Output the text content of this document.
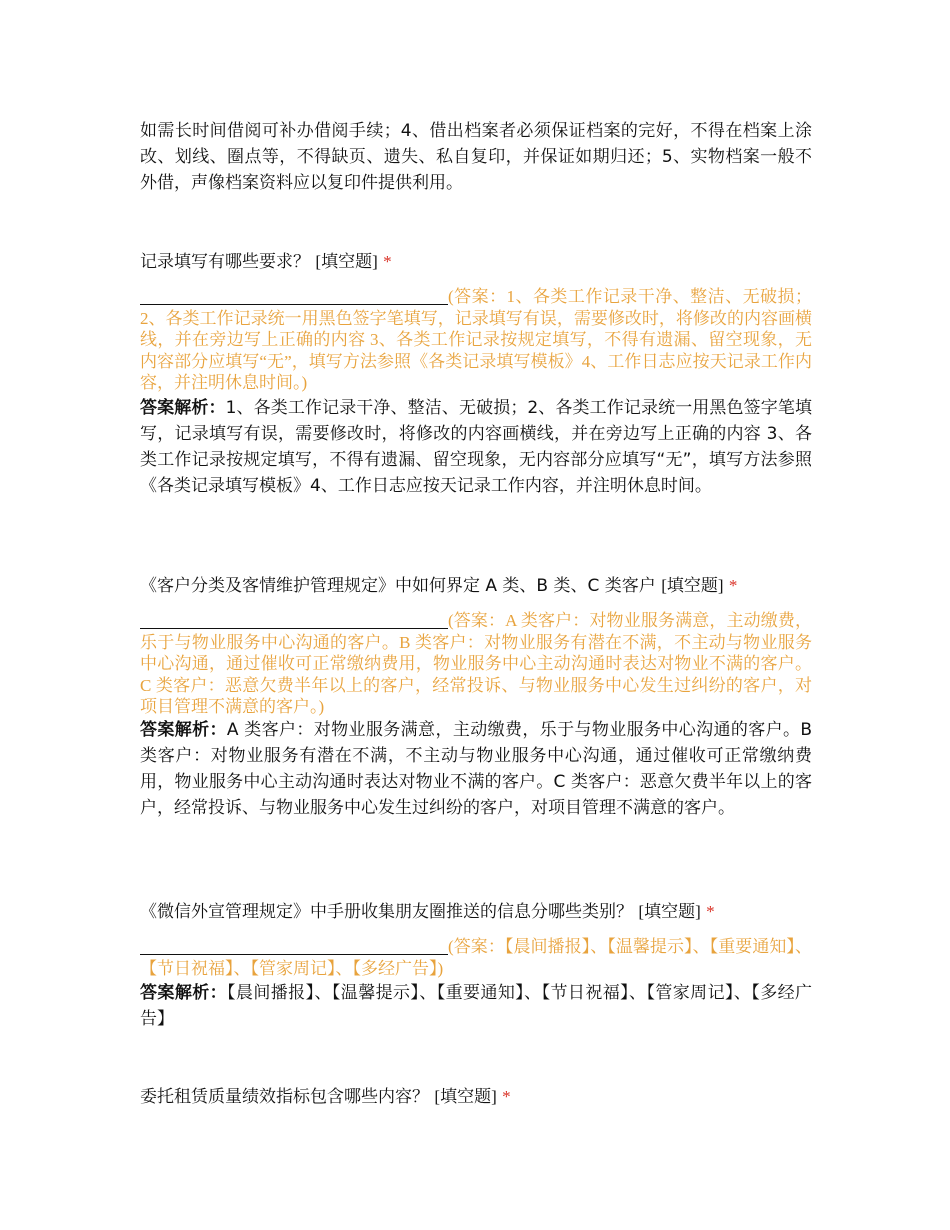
如需长时间借阅可补办借阅手续；4、借出档案者必须保证档案的完好，不得在档案上涂改、划线、圈点等，不得缺页、遗失、私自复印，并保证如期归还；5、实物档案一般不外借，声像档案资料应以复印件提供利用。

记录填写有哪些要求？ [填空题] *

(答案：1、各类工作记录干净、整洁、无破损；2、各类工作记录统一用黑色签字笔填写，记录填写有误，需要修改时，将修改的内容画横线，并在旁边写上正确的内容 3、各类工作记录按规定填写，不得有遗漏、留空现象，无内容部分应填写“无”，填写方法参照《各类记录填写模板》4、工作日志应按天记录工作内容，并注明休息时间。)

答案解析：1、各类工作记录干净、整洁、无破损；2、各类工作记录统一用黑色签字笔填写，记录填写有误，需要修改时，将修改的内容画横线，并在旁边写上正确的内容 3、各类工作记录按规定填写，不得有遗漏、留空现象，无内容部分应填写“无”，填写方法参照《各类记录填写模板》4、工作日志应按天记录工作内容，并注明休息时间。

《客户分类及客情维护管理规定》中如何界定 A 类、B 类、C 类客户 [填空题] *

(答案：A 类客户：对物业服务满意，主动缴费，乐于与物业服务中心沟通的客户。B 类客户：对物业服务有潜在不满，不主动与物业服务中心沟通，通过催收可正常缴纳费用，物业服务中心主动沟通时表达对物业不满的客户。C 类客户：恶意欠费半年以上的客户，经常投诉、与物业服务中心发生过纠纷的客户，对项目管理不满意的客户。)

答案解析：A 类客户：对物业服务满意，主动缴费，乐于与物业服务中心沟通的客户。B 类客户：对物业服务有潜在不满，不主动与物业服务中心沟通，通过催收可正常缴纳费用，物业服务中心主动沟通时表达对物业不满的客户。C 类客户：恶意欠费半年以上的客户，经常投诉、与物业服务中心发生过纠纷的客户，对项目管理不满意的客户。

《微信外宣管理规定》中手册收集朋友圈推送的信息分哪些类别？ [填空题] *

(答案：【晨间播报】、【温馨提示】、【重要通知】、【节日祝福】、【管家周记】、【多经广告】)

答案解析：【晨间播报】、【温馨提示】、【重要通知】、【节日祝福】、【管家周记】、【多经广告】

委托租赁质量绩效指标包含哪些内容？ [填空题] *
